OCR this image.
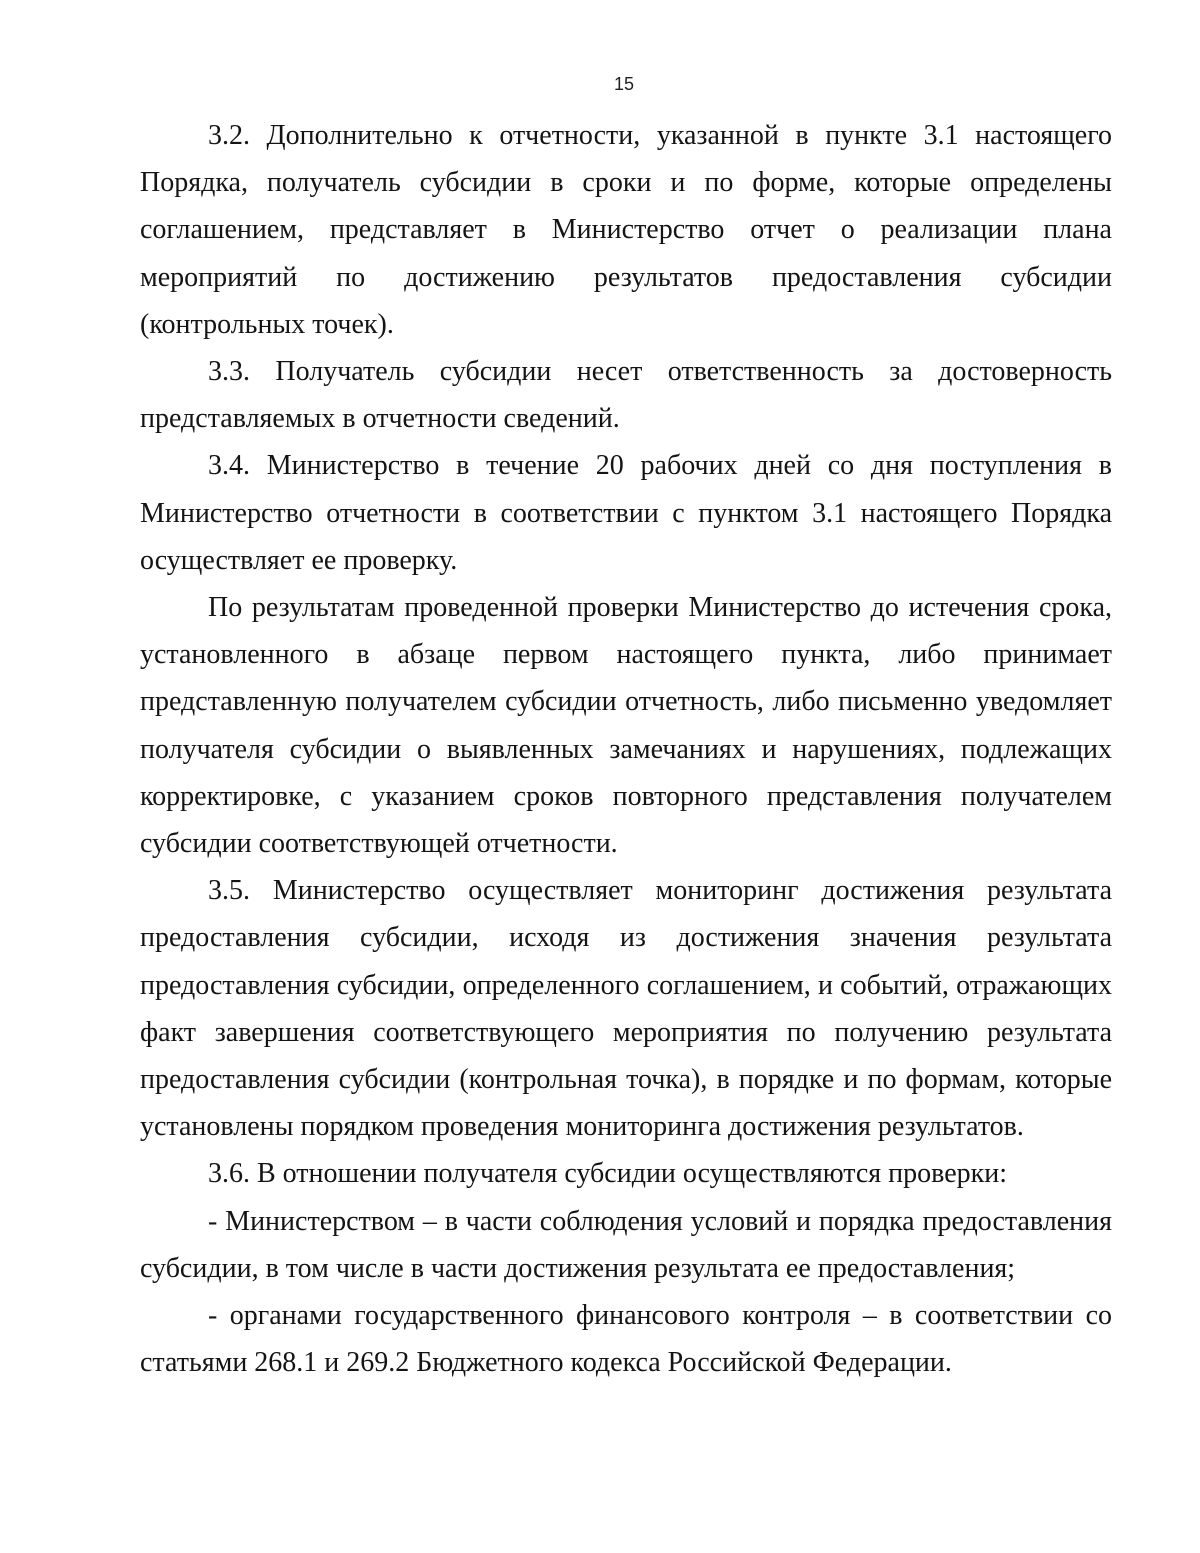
15

3.2. Дополнительно к отчетности, указанной в пункте 3.1 настоящего Порядка, получатель субсидии в сроки и по форме, которые определены соглашением, представляет в Министерство отчет о реализации плана мероприятий по достижению результатов предоставления субсидии (контрольных точек).

3.3. Получатель субсидии несет ответственность за достоверность представляемых в отчетности сведений.

3.4. Министерство в течение 20 рабочих дней со дня поступления в Министерство отчетности в соответствии с пунктом 3.1 настоящего Порядка осуществляет ее проверку.

По результатам проведенной проверки Министерство до истечения срока, установленного в абзаце первом настоящего пункта, либо принимает представленную получателем субсидии отчетность, либо письменно уведомляет получателя субсидии о выявленных замечаниях и нарушениях, подлежащих корректировке, с указанием сроков повторного представления получателем субсидии соответствующей отчетности.

3.5. Министерство осуществляет мониторинг достижения результата предоставления субсидии, исходя из достижения значения результата предоставления субсидии, определенного соглашением, и событий, отражающих факт завершения соответствующего мероприятия по получению результата предоставления субсидии (контрольная точка), в порядке и по формам, которые установлены порядком проведения мониторинга достижения результатов.

3.6. В отношении получателя субсидии осуществляются проверки:

- Министерством – в части соблюдения условий и порядка предоставления субсидии, в том числе в части достижения результата ее предоставления;

- органами государственного финансового контроля – в соответствии со статьями 268.1 и 269.2 Бюджетного кодекса Российской Федерации.
